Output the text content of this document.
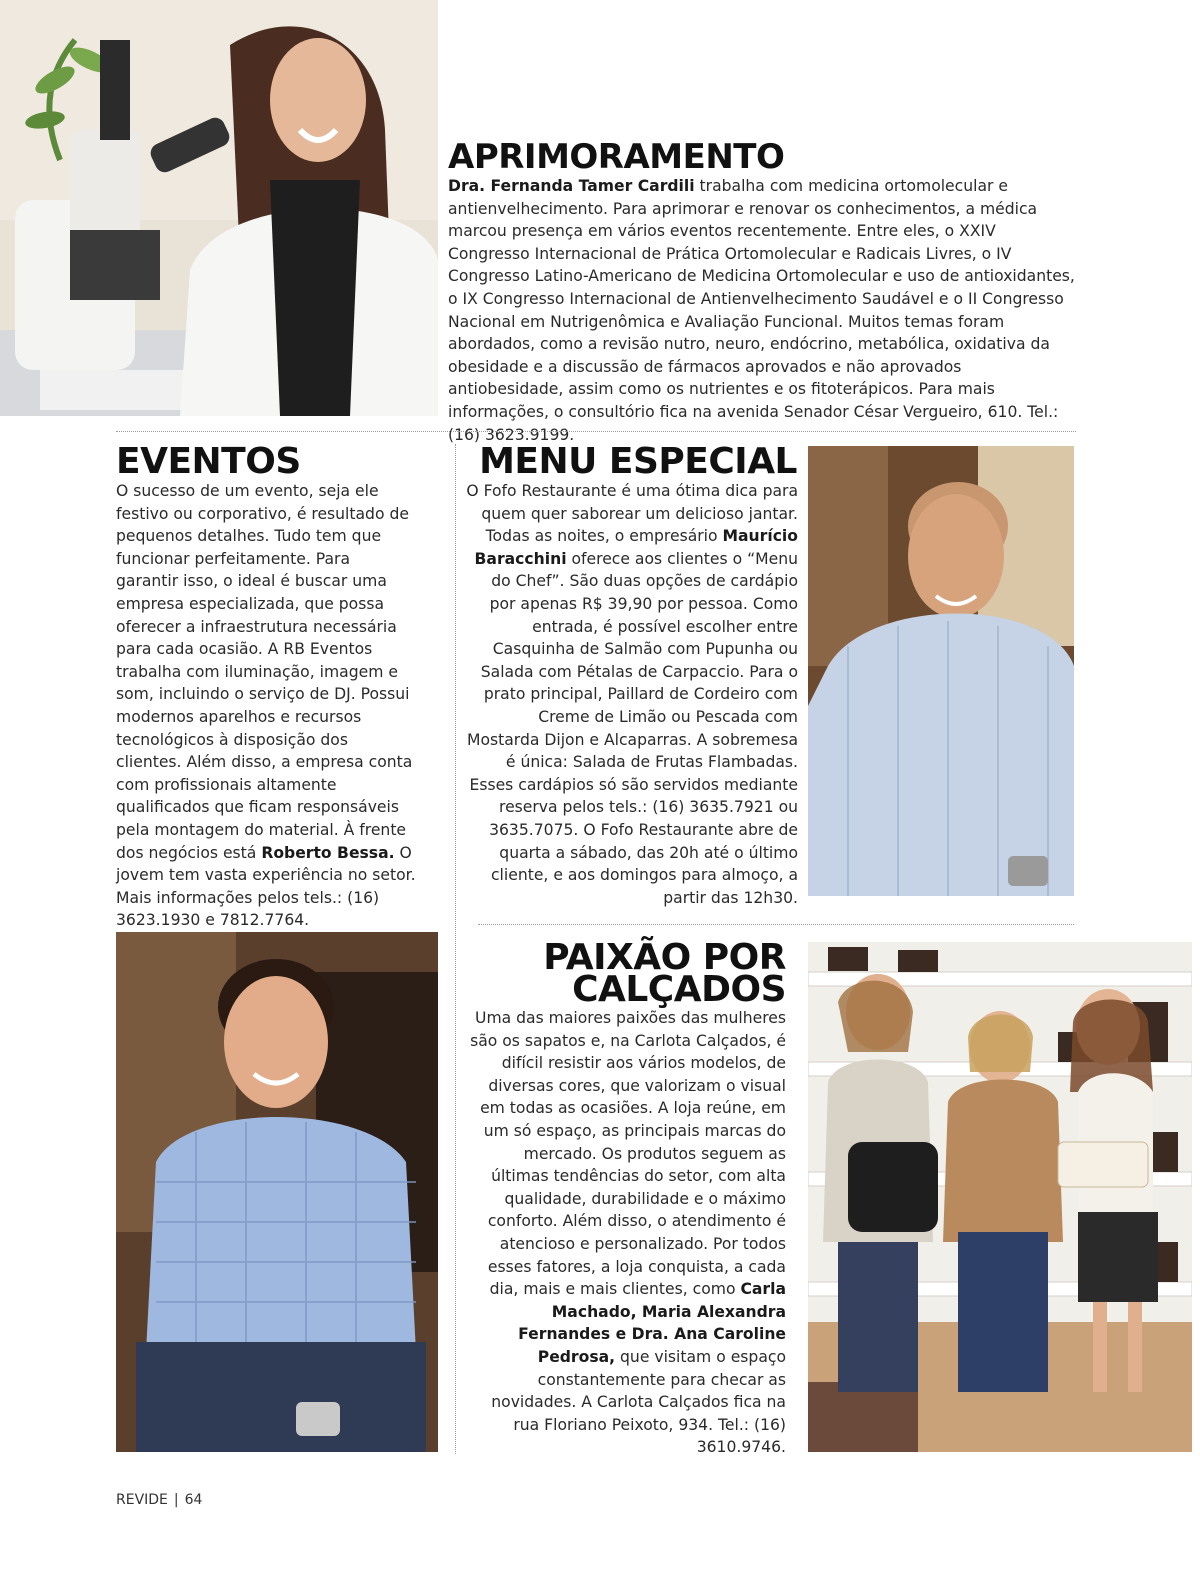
APRIMORAMENTO
Dra. Fernanda Tamer Cardili trabalha com medicina ortomolecular e antienvelhecimento. Para aprimorar e renovar os conhecimentos, a médica marcou presença em vários eventos recentemente. Entre eles, o XXIV Congresso Internacional de Prática Ortomolecular e Radicais Livres, o IV Congresso Latino-Americano de Medicina Ortomolecular e uso de antioxidantes, o IX Congresso Internacional de Antienvelhecimento Saudável e o II Congresso Nacional em Nutrigenômica e Avaliação Funcional. Muitos temas foram abordados, como a revisão nutro, neuro, endócrino, metabólica, oxidativa da obesidade e a discussão de fármacos aprovados e não aprovados antiobesidade, assim como os nutrientes e os fitoterápicos. Para mais informações, o consultório fica na avenida Senador César Vergueiro, 610. Tel.: (16) 3623.9199.
EVENTOS
O sucesso de um evento, seja ele festivo ou corporativo, é resultado de pequenos detalhes. Tudo tem que funcionar perfeitamente. Para garantir isso, o ideal é buscar uma empresa especializada, que possa oferecer a infraestrutura necessária para cada ocasião. A RB Eventos trabalha com iluminação, imagem e som, incluindo o serviço de DJ. Possui modernos aparelhos e recursos tecnológicos à disposição dos clientes. Além disso, a empresa conta com profissionais altamente qualificados que ficam responsáveis pela montagem do material. À frente dos negócios está Roberto Bessa. O jovem tem vasta experiência no setor. Mais informações pelos tels.: (16) 3623.1930 e 7812.7764.
MENU ESPECIAL
O Fofo Restaurante é uma ótima dica para quem quer saborear um delicioso jantar. Todas as noites, o empresário Maurício Baracchini oferece aos clientes o “Menu do Chef”. São duas opções de cardápio por apenas R$ 39,90 por pessoa. Como entrada, é possível escolher entre Casquinha de Salmão com Pupunha ou Salada com Pétalas de Carpaccio. Para o prato principal, Paillard de Cordeiro com Creme de Limão ou Pescada com Mostarda Dijon e Alcaparras. A sobremesa é única: Salada de Frutas Flambadas. Esses cardápios só são servidos mediante reserva pelos tels.: (16) 3635.7921 ou 3635.7075. O Fofo Restaurante abre de quarta a sábado, das 20h até o último cliente, e aos domingos para almoço, a partir das 12h30.
PAIXÃO POR
CALÇADOS
Uma das maiores paixões das mulheres são os sapatos e, na Carlota Calçados, é difícil resistir aos vários modelos, de diversas cores, que valorizam o visual em todas as ocasiões. A loja reúne, em um só espaço, as principais marcas do mercado. Os produtos seguem as últimas tendências do setor, com alta qualidade, durabilidade e o máximo conforto. Além disso, o atendimento é atencioso e personalizado. Por todos esses fatores, a loja conquista, a cada dia, mais e mais clientes, como Carla Machado, Maria Alexandra Fernandes e Dra. Ana Caroline Pedrosa, que visitam o espaço constantemente para checar as novidades. A Carlota Calçados fica na rua Floriano Peixoto, 934. Tel.: (16) 3610.9746.
REVIDE | 64
